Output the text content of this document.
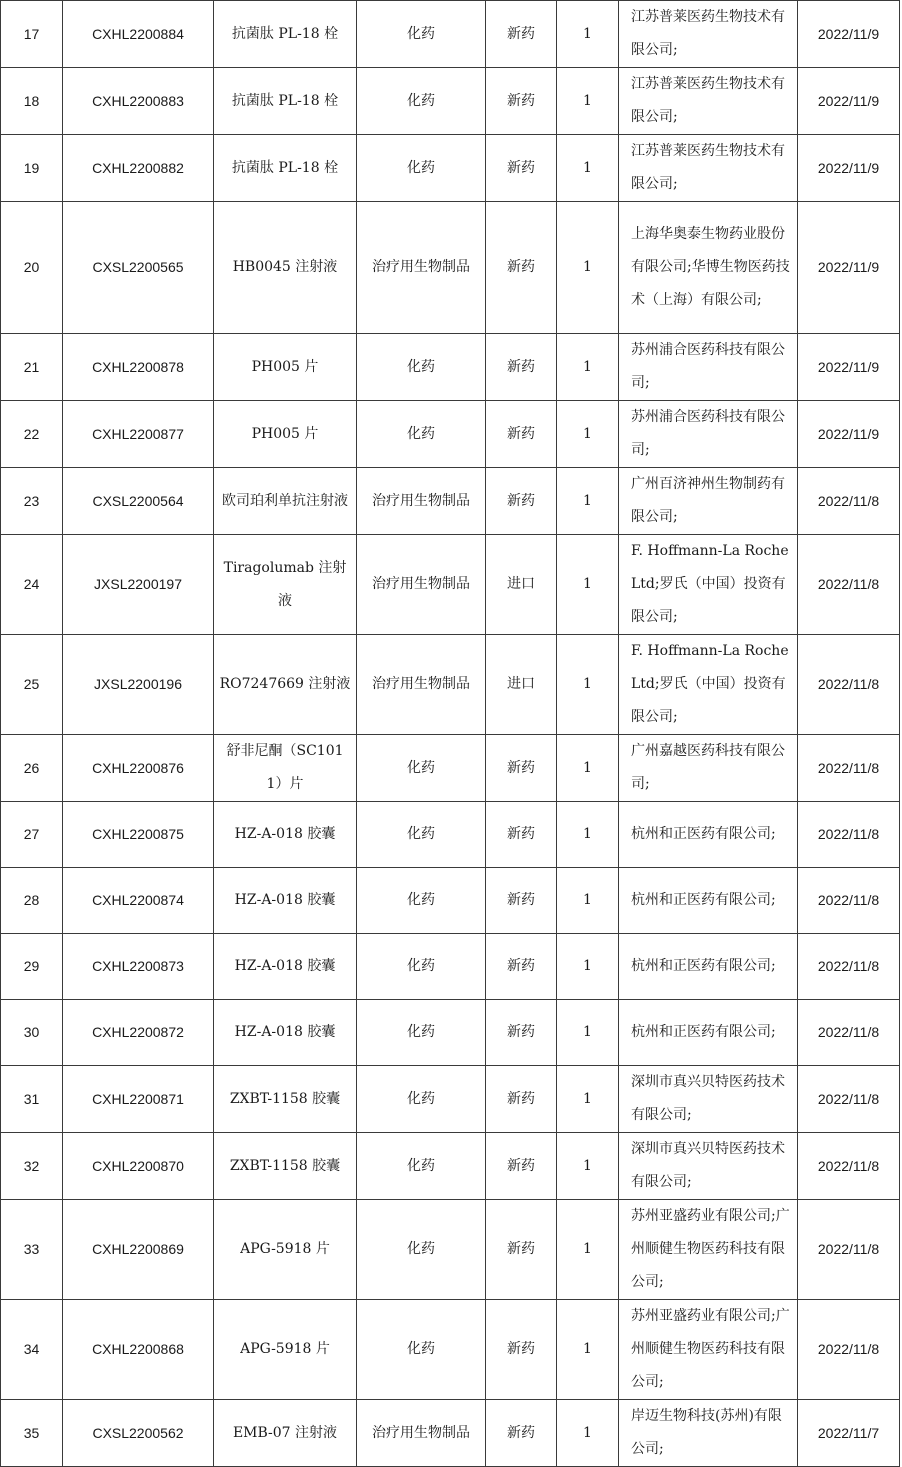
17	CXHL2200884	抗菌肽 PL-18 栓	化药	新药	1	江苏普莱医药生物技术有限公司;	2022/11/9
18	CXHL2200883	抗菌肽 PL-18 栓	化药	新药	1	江苏普莱医药生物技术有限公司;	2022/11/9
19	CXHL2200882	抗菌肽 PL-18 栓	化药	新药	1	江苏普莱医药生物技术有限公司;	2022/11/9
20	CXSL2200565	HB0045 注射液	治疗用生物制品	新药	1	上海华奥泰生物药业股份有限公司;华博生物医药技术（上海）有限公司;	2022/11/9
21	CXHL2200878	PH005 片	化药	新药	1	苏州浦合医药科技有限公司;	2022/11/9
22	CXHL2200877	PH005 片	化药	新药	1	苏州浦合医药科技有限公司;	2022/11/9
23	CXSL2200564	欧司珀利单抗注射液	治疗用生物制品	新药	1	广州百济神州生物制药有限公司;	2022/11/8
24	JXSL2200197	Tiragolumab 注射液	治疗用生物制品	进口	1	F. Hoffmann-La Roche Ltd;罗氏（中国）投资有限公司;	2022/11/8
25	JXSL2200196	RO7247669 注射液	治疗用生物制品	进口	1	F. Hoffmann-La Roche Ltd;罗氏（中国）投资有限公司;	2022/11/8
26	CXHL2200876	舒非尼酮（SC1011）片	化药	新药	1	广州嘉越医药科技有限公司;	2022/11/8
27	CXHL2200875	HZ-A-018 胶囊	化药	新药	1	杭州和正医药有限公司;	2022/11/8
28	CXHL2200874	HZ-A-018 胶囊	化药	新药	1	杭州和正医药有限公司;	2022/11/8
29	CXHL2200873	HZ-A-018 胶囊	化药	新药	1	杭州和正医药有限公司;	2022/11/8
30	CXHL2200872	HZ-A-018 胶囊	化药	新药	1	杭州和正医药有限公司;	2022/11/8
31	CXHL2200871	ZXBT-1158 胶囊	化药	新药	1	深圳市真兴贝特医药技术有限公司;	2022/11/8
32	CXHL2200870	ZXBT-1158 胶囊	化药	新药	1	深圳市真兴贝特医药技术有限公司;	2022/11/8
33	CXHL2200869	APG-5918 片	化药	新药	1	苏州亚盛药业有限公司;广州顺健生物医药科技有限公司;	2022/11/8
34	CXHL2200868	APG-5918 片	化药	新药	1	苏州亚盛药业有限公司;广州顺健生物医药科技有限公司;	2022/11/8
35	CXSL2200562	EMB-07 注射液	治疗用生物制品	新药	1	岸迈生物科技(苏州)有限公司;	2022/11/7
